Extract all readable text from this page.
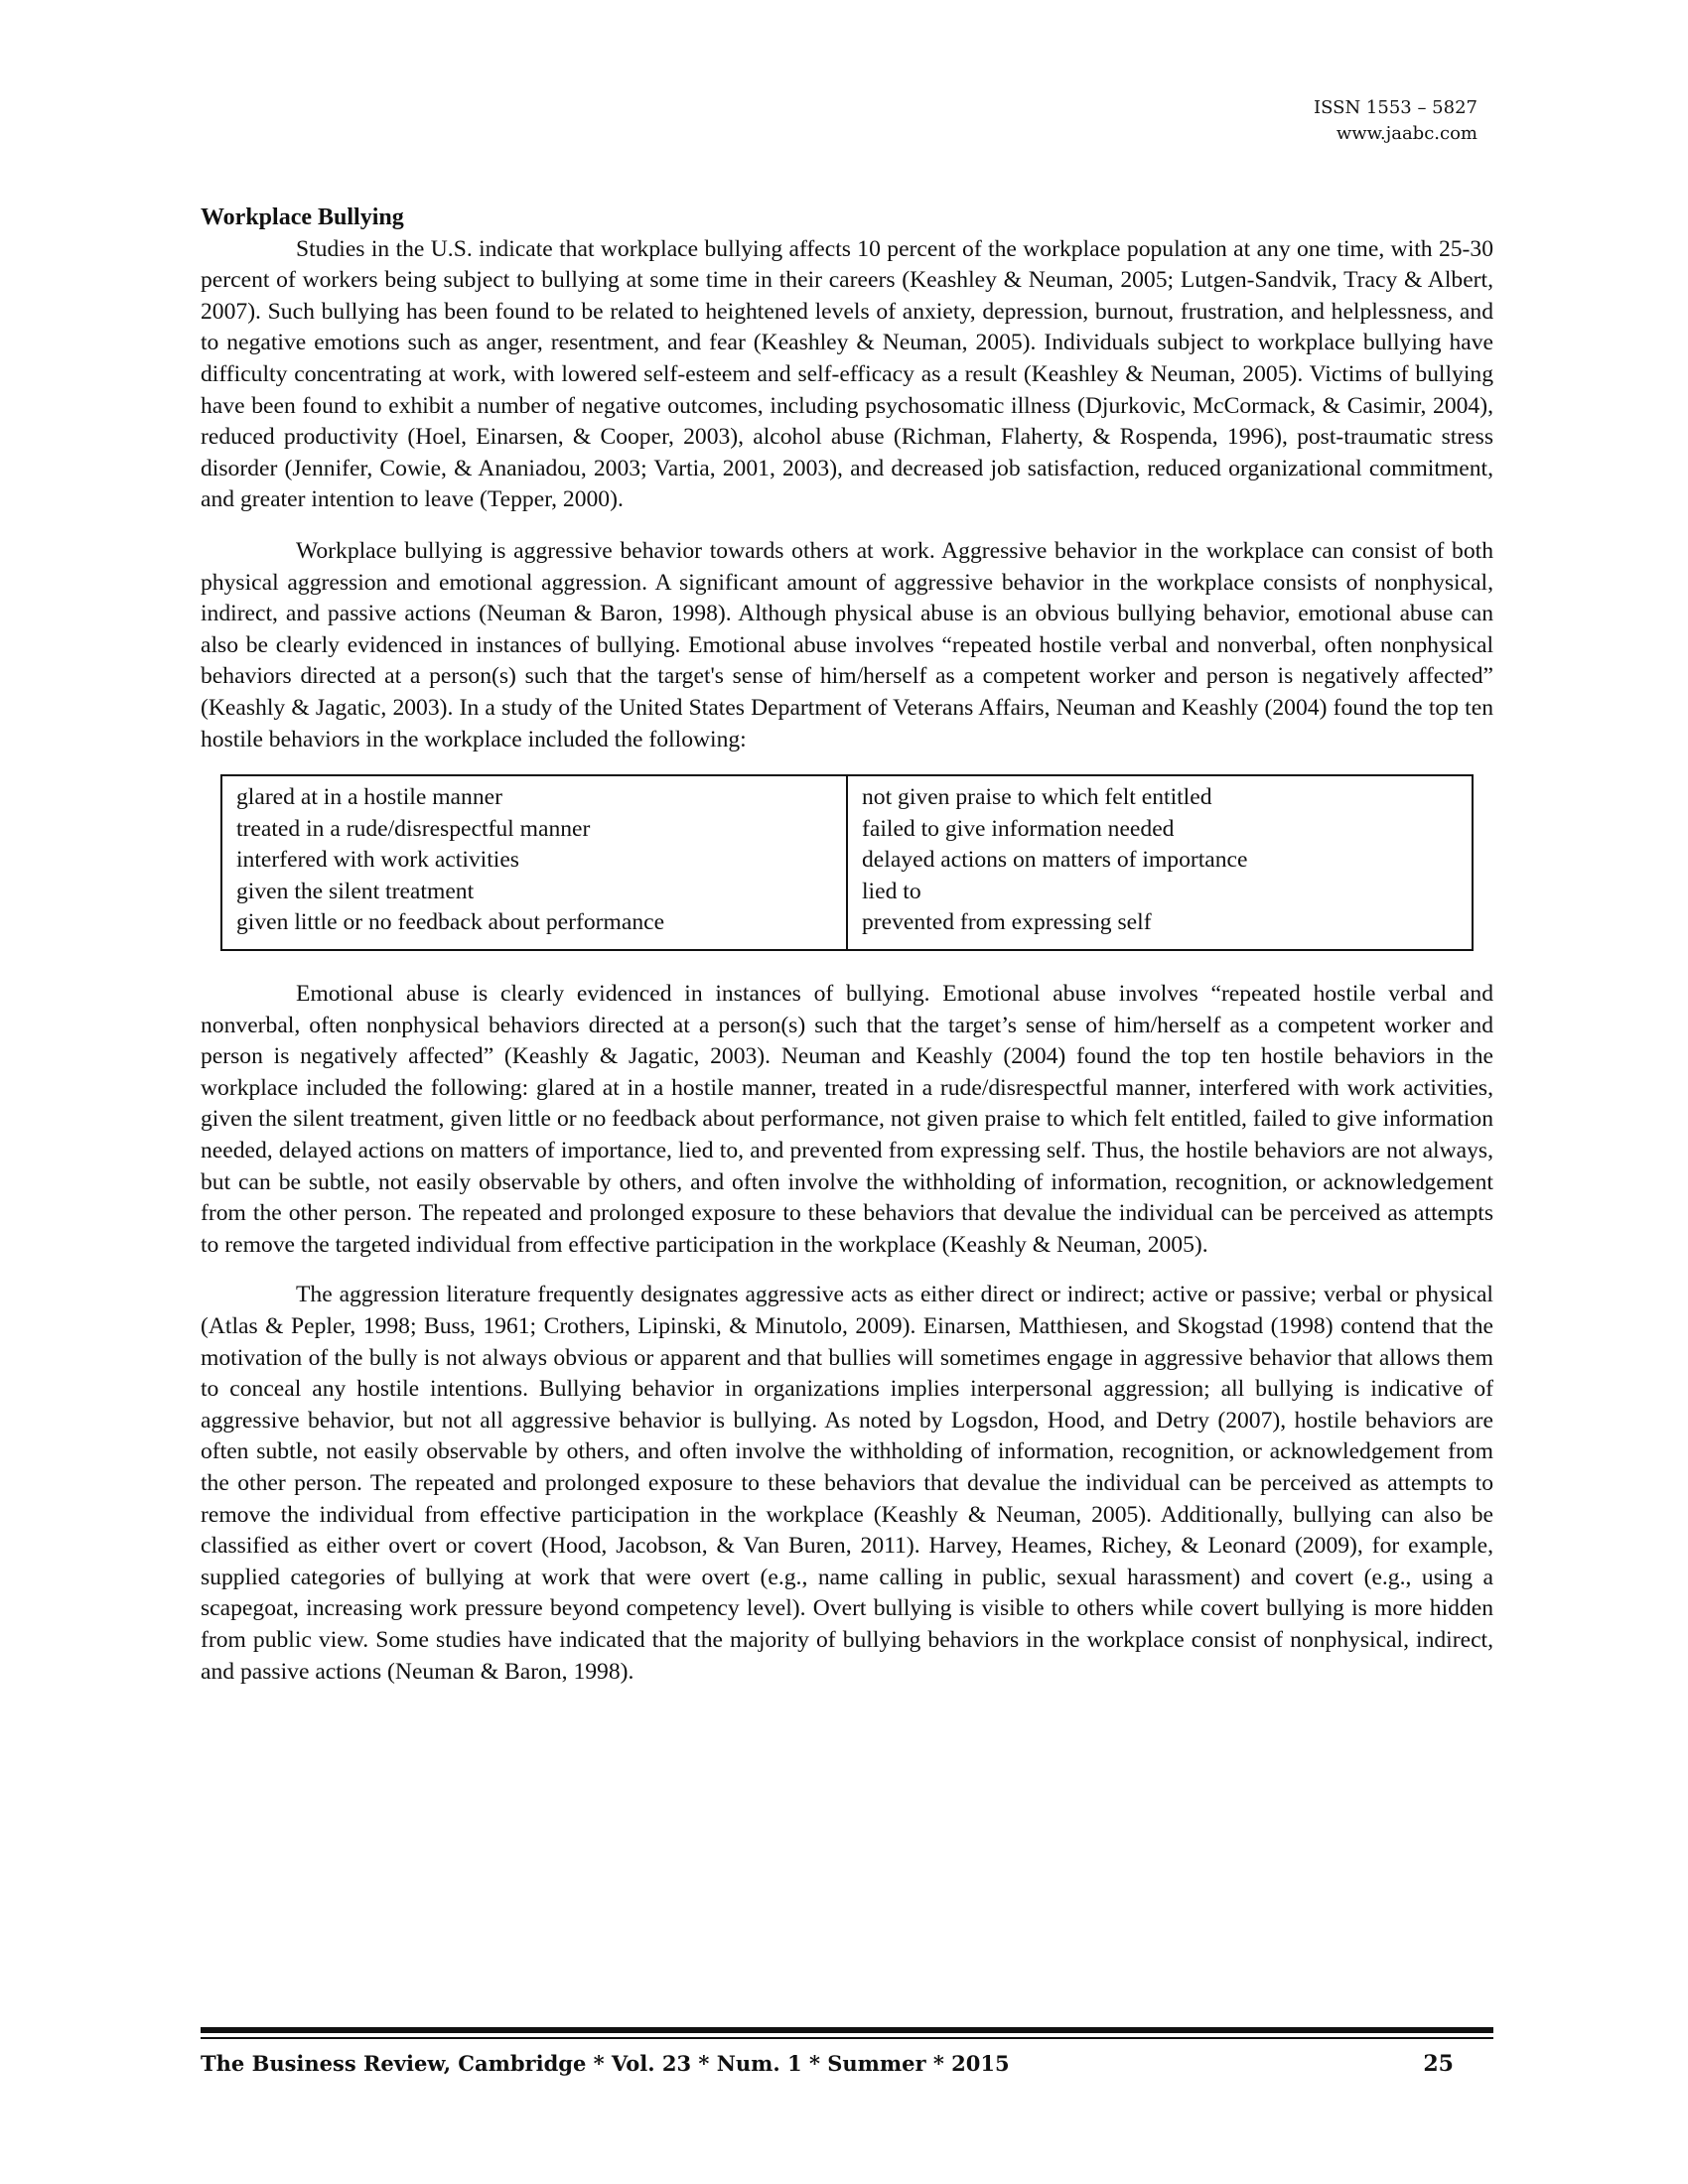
ISSN 1553 – 5827
www.jaabc.com
Workplace Bullying

Studies in the U.S. indicate that workplace bullying affects 10 percent of the workplace population at any one time, with 25-30 percent of workers being subject to bullying at some time in their careers (Keashley & Neuman, 2005; Lutgen-Sandvik, Tracy & Albert, 2007). Such bullying has been found to be related to heightened levels of anxiety, depression, burnout, frustration, and helplessness, and to negative emotions such as anger, resentment, and fear (Keashley & Neuman, 2005). Individuals subject to workplace bullying have difficulty concentrating at work, with lowered self-esteem and self-efficacy as a result (Keashley & Neuman, 2005). Victims of bullying have been found to exhibit a number of negative outcomes, including psychosomatic illness (Djurkovic, McCormack, & Casimir, 2004), reduced productivity (Hoel, Einarsen, & Cooper, 2003), alcohol abuse (Richman, Flaherty, & Rospenda, 1996), post-traumatic stress disorder (Jennifer, Cowie, & Ananiadou, 2003; Vartia, 2001, 2003), and decreased job satisfaction, reduced organizational commitment, and greater intention to leave (Tepper, 2000).

Workplace bullying is aggressive behavior towards others at work. Aggressive behavior in the workplace can consist of both physical aggression and emotional aggression. A significant amount of aggressive behavior in the workplace consists of nonphysical, indirect, and passive actions (Neuman & Baron, 1998). Although physical abuse is an obvious bullying behavior, emotional abuse can also be clearly evidenced in instances of bullying. Emotional abuse involves “repeated hostile verbal and nonverbal, often nonphysical behaviors directed at a person(s) such that the target's sense of him/herself as a competent worker and person is negatively affected” (Keashly & Jagatic, 2003). In a study of the United States Department of Veterans Affairs, Neuman and Keashly (2004) found the top ten hostile behaviors in the workplace included the following:

glared at in a hostile manner
treated in a rude/disrespectful manner
interfered with work activities
given the silent treatment
given little or no feedback about performance
not given praise to which felt entitled
failed to give information needed
delayed actions on matters of importance
lied to
prevented from expressing self

Emotional abuse is clearly evidenced in instances of bullying. Emotional abuse involves “repeated hostile verbal and nonverbal, often nonphysical behaviors directed at a person(s) such that the target’s sense of him/herself as a competent worker and person is negatively affected” (Keashly & Jagatic, 2003). Neuman and Keashly (2004) found the top ten hostile behaviors in the workplace included the following: glared at in a hostile manner, treated in a rude/disrespectful manner, interfered with work activities, given the silent treatment, given little or no feedback about performance, not given praise to which felt entitled, failed to give information needed, delayed actions on matters of importance, lied to, and prevented from expressing self. Thus, the hostile behaviors are not always, but can be subtle, not easily observable by others, and often involve the withholding of information, recognition, or acknowledgement from the other person. The repeated and prolonged exposure to these behaviors that devalue the individual can be perceived as attempts to remove the targeted individual from effective participation in the workplace (Keashly & Neuman, 2005).

The aggression literature frequently designates aggressive acts as either direct or indirect; active or passive; verbal or physical (Atlas & Pepler, 1998; Buss, 1961; Crothers, Lipinski, & Minutolo, 2009). Einarsen, Matthiesen, and Skogstad (1998) contend that the motivation of the bully is not always obvious or apparent and that bullies will sometimes engage in aggressive behavior that allows them to conceal any hostile intentions. Bullying behavior in organizations implies interpersonal aggression; all bullying is indicative of aggressive behavior, but not all aggressive behavior is bullying. As noted by Logsdon, Hood, and Detry (2007), hostile behaviors are often subtle, not easily observable by others, and often involve the withholding of information, recognition, or acknowledgement from the other person. The repeated and prolonged exposure to these behaviors that devalue the individual can be perceived as attempts to remove the individual from effective participation in the workplace (Keashly & Neuman, 2005). Additionally, bullying can also be classified as either overt or covert (Hood, Jacobson, & Van Buren, 2011). Harvey, Heames, Richey, & Leonard (2009), for example, supplied categories of bullying at work that were overt (e.g., name calling in public, sexual harassment) and covert (e.g., using a scapegoat, increasing work pressure beyond competency level). Overt bullying is visible to others while covert bullying is more hidden from public view. Some studies have indicated that the majority of bullying behaviors in the workplace consist of nonphysical, indirect, and passive actions (Neuman & Baron, 1998).

The Business Review, Cambridge * Vol. 23 * Num. 1 * Summer * 2015	25
